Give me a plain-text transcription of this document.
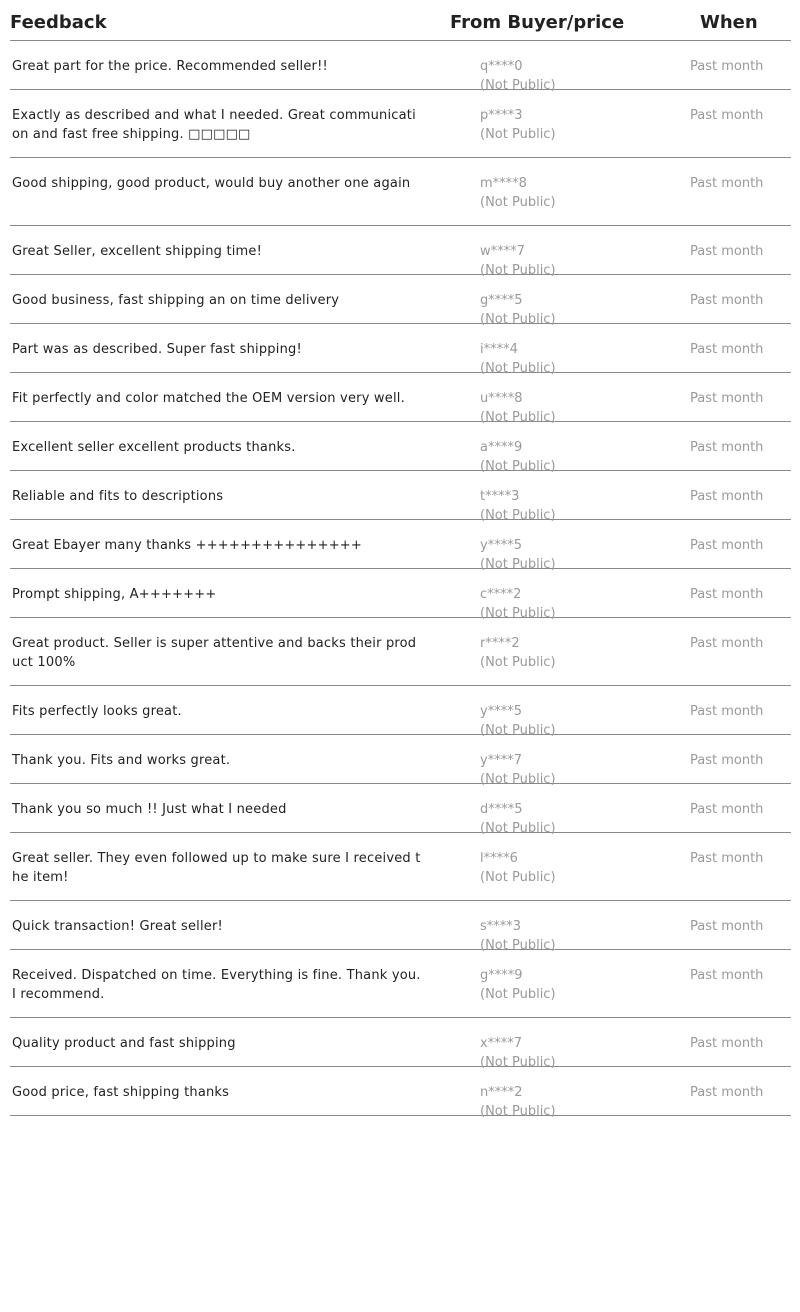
Feedback	From Buyer/price	When
Great part for the price. Recommended seller!!	q****0
(Not Public)
Past month
Exactly as described and what I needed. Great communication and fast free shipping. □□□□□
p****3
(Not Public)
Past month
Good shipping, good product, would buy another one again	m****8
(Not Public)
Past month
Great Seller, excellent shipping time!	w****7
(Not Public)
Past month
Good business, fast shipping an on time delivery	g****5
(Not Public)
Past month
Part was as described. Super fast shipping!	i****4
(Not Public)
Past month
Fit perfectly and color matched the OEM version very well.	u****8
(Not Public)
Past month
Excellent seller excellent products thanks.	a****9
(Not Public)
Past month
Reliable and fits to descriptions	t****3
(Not Public)
Past month
Great Ebayer many thanks +++++++++++++++	y****5
(Not Public)
Past month
Prompt shipping, A+++++++	c****2
(Not Public)
Past month
Great product. Seller is super attentive and backs their product 100%
r****2
(Not Public)
Past month
Fits perfectly looks great.	y****5
(Not Public)
Past month
Thank you. Fits and works great.	y****7
(Not Public)
Past month
Thank you so much !! Just what I needed	d****5
(Not Public)
Past month
Great seller. They even followed up to make sure I received the item!
l****6
(Not Public)
Past month
Quick transaction! Great seller!	s****3
(Not Public)
Past month
Received. Dispatched on time. Everything is fine. Thank you. I recommend.
g****9
(Not Public)
Past month
Quality product and fast shipping	x****7
(Not Public)
Past month
Good price, fast shipping thanks	n****2
(Not Public)
Past month
